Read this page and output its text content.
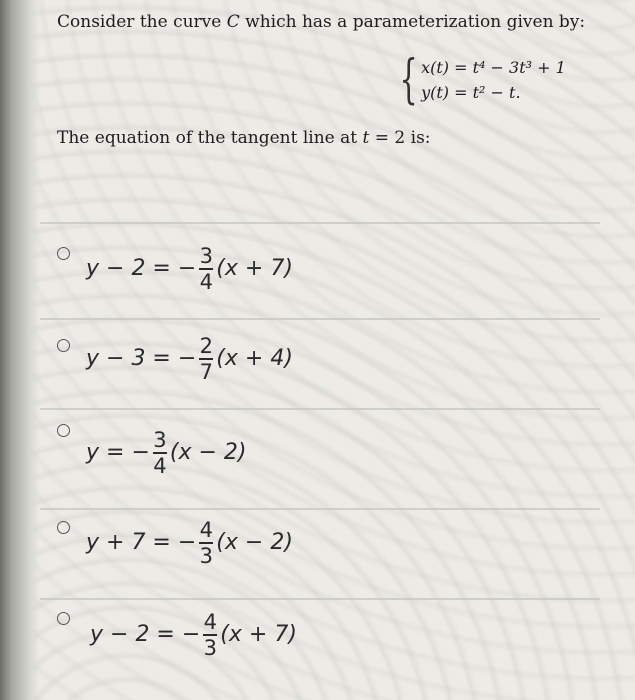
Consider the curve C which has a parameterization given by:
{ x(t) = t⁴ − 3t³ + 1
y(t) = t² − t.
The equation of the tangent line at t = 2 is:
y − 2 = − $\frac{3}{4} (x + 7)$
y − 3 = − $\frac{2}{7} (x + 4)$
y = − $\frac{3}{4} (x - 2)$
y + 7 = − $\frac{4}{3} (x - 2)$
y − 2 = − $\frac{4}{3} (x + 7)$
